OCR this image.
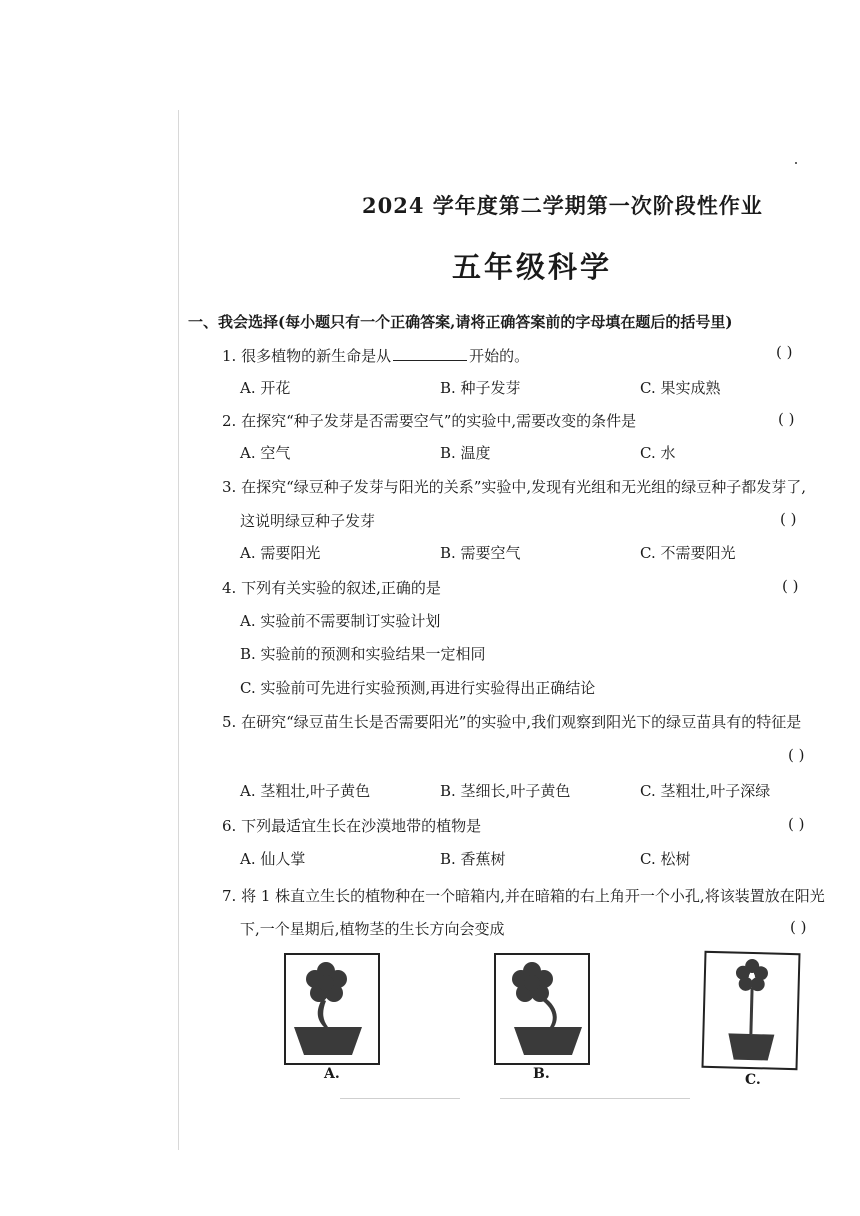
2024 学年度第二学期第一次阶段性作业
五年级科学
一、我会选择(每小题只有一个正确答案,请将正确答案前的字母填在题后的括号里)
1. 很多植物的新生命是从	开始的。	( )
A. 开花	B. 种子发芽	C. 果实成熟
2. 在探究“种子发芽是否需要空气”的实验中,需要改变的条件是	( )
A. 空气	B. 温度	C. 水
3. 在探究“绿豆种子发芽与阳光的关系”实验中,发现有光组和无光组的绿豆种子都发芽了,
这说明绿豆种子发芽	( )
A. 需要阳光	B. 需要空气	C. 不需要阳光
4. 下列有关实验的叙述,正确的是	( )
A. 实验前不需要制订实验计划
B. 实验前的预测和实验结果一定相同
C. 实验前可先进行实验预测,再进行实验得出正确结论
5. 在研究“绿豆苗生长是否需要阳光”的实验中,我们观察到阳光下的绿豆苗具有的特征是
( )
A. 茎粗壮,叶子黄色	B. 茎细长,叶子黄色	C. 茎粗壮,叶子深绿
6. 下列最适宜生长在沙漠地带的植物是	( )
A. 仙人掌	B. 香蕉树	C. 松树
7. 将 1 株直立生长的植物种在一个暗箱内,并在暗箱的右上角开一个小孔,将该装置放在阳光
下,一个星期后,植物茎的生长方向会变成	( )
A.	B.	C.
